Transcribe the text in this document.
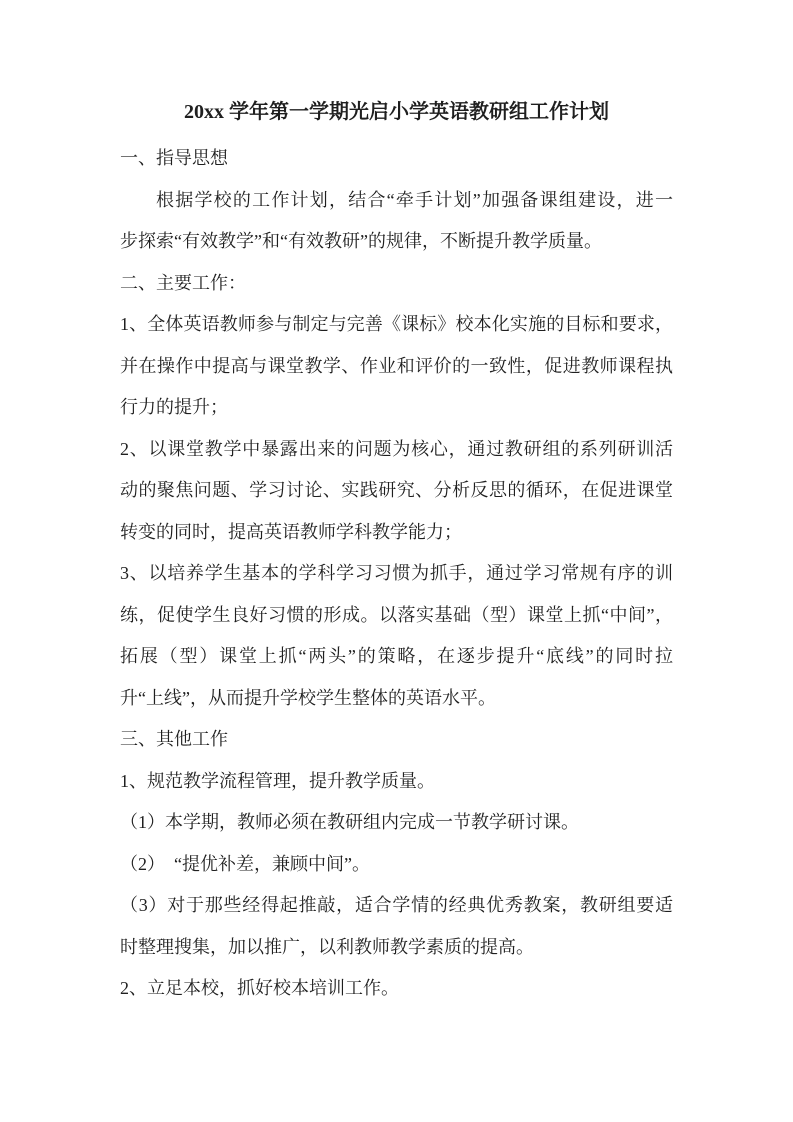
20xx 学年第一学期光启小学英语教研组工作计划
一、指导思想
根据学校的工作计划，结合“牵手计划”加强备课组建设，进一
步探索“有效教学”和“有效教研”的规律，不断提升教学质量。
二、主要工作：
1、全体英语教师参与制定与完善《课标》校本化实施的目标和要求，
并在操作中提高与课堂教学、作业和评价的一致性，促进教师课程执
行力的提升；
2、以课堂教学中暴露出来的问题为核心，通过教研组的系列研训活
动的聚焦问题、学习讨论、实践研究、分析反思的循环，在促进课堂
转变的同时，提高英语教师学科教学能力；
3、以培养学生基本的学科学习习惯为抓手，通过学习常规有序的训
练，促使学生良好习惯的形成。以落实基础（型）课堂上抓“中间”，
拓展（型）课堂上抓“两头”的策略，在逐步提升“底线”的同时拉
升“上线”，从而提升学校学生整体的英语水平。
三、其他工作
1、规范教学流程管理，提升教学质量。
（1）本学期，教师必须在教研组内完成一节教学研讨课。
（2）　“提优补差，兼顾中间”。
（3）对于那些经得起推敲，适合学情的经典优秀教案，教研组要适
时整理搜集，加以推广，以利教师教学素质的提高。
2、立足本校，抓好校本培训工作。
